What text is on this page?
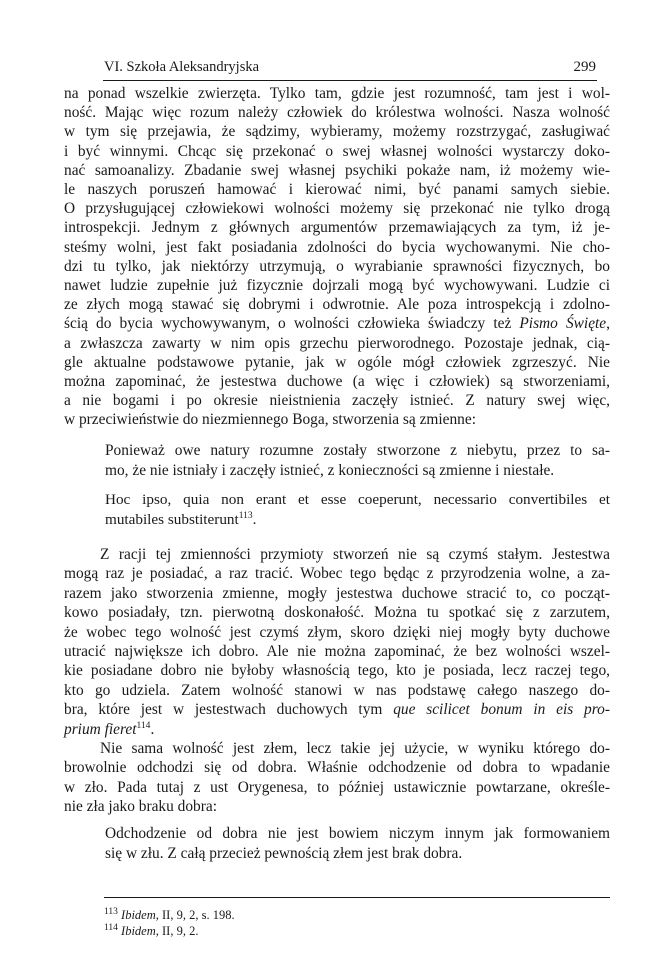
VI. Szkoła Aleksandryjska	299
na ponad wszelkie zwierzęta. Tylko tam, gdzie jest rozumność, tam jest i wol-
ność. Mając więc rozum należy człowiek do królestwa wolności. Nasza wolność
w tym się przejawia, że sądzimy, wybieramy, możemy rozstrzygać, zasługiwać
i być winnymi. Chcąc się przekonać o swej własnej wolności wystarczy doko-
nać samoanalizy. Zbadanie swej własnej psychiki pokaże nam, iż możemy wie-
le naszych poruszeń hamować i kierować nimi, być panami samych siebie.
O przysługującej człowiekowi wolności możemy się przekonać nie tylko drogą
introspekcji. Jednym z głównych argumentów przemawiających za tym, iż je-
steśmy wolni, jest fakt posiadania zdolności do bycia wychowanymi. Nie cho-
dzi tu tylko, jak niektórzy utrzymują, o wyrabianie sprawności fizycznych, bo
nawet ludzie zupełnie już fizycznie dojrzali mogą być wychowywani. Ludzie ci
ze złych mogą stawać się dobrymi i odwrotnie. Ale poza introspekcją i zdolno-
ścią do bycia wychowywanym, o wolności człowieka świadczy też Pismo Święte,
a zwłaszcza zawarty w nim opis grzechu pierworodnego. Pozostaje jednak, cią-
gle aktualne podstawowe pytanie, jak w ogóle mógł człowiek zgrzeszyć. Nie
można zapominać, że jestestwa duchowe (a więc i człowiek) są stworzeniami,
a nie bogami i po okresie nieistnienia zaczęły istnieć. Z natury swej więc,
w przeciwieństwie do niezmiennego Boga, stworzenia są zmienne:
Ponieważ owe natury rozumne zostały stworzone z niebytu, przez to sa-
mo, że nie istniały i zaczęły istnieć, z konieczności są zmienne i niestałe.
Hoc ipso, quia non erant et esse coeperunt, necessario convertibiles et
mutabiles substiterunt$^{113}$.
Z racji tej zmienności przymioty stworzeń nie są czymś stałym. Jestestwa
mogą raz je posiadać, a raz tracić. Wobec tego będąc z przyrodzenia wolne, a za-
razem jako stworzenia zmienne, mogły jestestwa duchowe stracić to, co począt-
kowo posiadały, tzn. pierwotną doskonałość. Można tu spotkać się z zarzutem,
że wobec tego wolność jest czymś złym, skoro dzięki niej mogły byty duchowe
utracić największe ich dobro. Ale nie można zapominać, że bez wolności wszel-
kie posiadane dobro nie byłoby własnością tego, kto je posiada, lecz raczej tego,
kto go udziela. Zatem wolność stanowi w nas podstawę całego naszego do-
bra, które jest w jestestwach duchowych tym que scilicet bonum in eis pro-
prium fieret$^{114}$.
Nie sama wolność jest złem, lecz takie jej użycie, w wyniku którego do-
browolnie odchodzi się od dobra. Właśnie odchodzenie od dobra to wpadanie
w zło. Pada tutaj z ust Orygenesa, to później ustawicznie powtarzane, określe-
nie zła jako braku dobra:
Odchodzenie od dobra nie jest bowiem niczym innym jak formowaniem
się w złu. Z całą przecież pewnością złem jest brak dobra.
$^{113}$ Ibidem, II, 9, 2, s. 198.
$^{114}$ Ibidem, II, 9, 2.
